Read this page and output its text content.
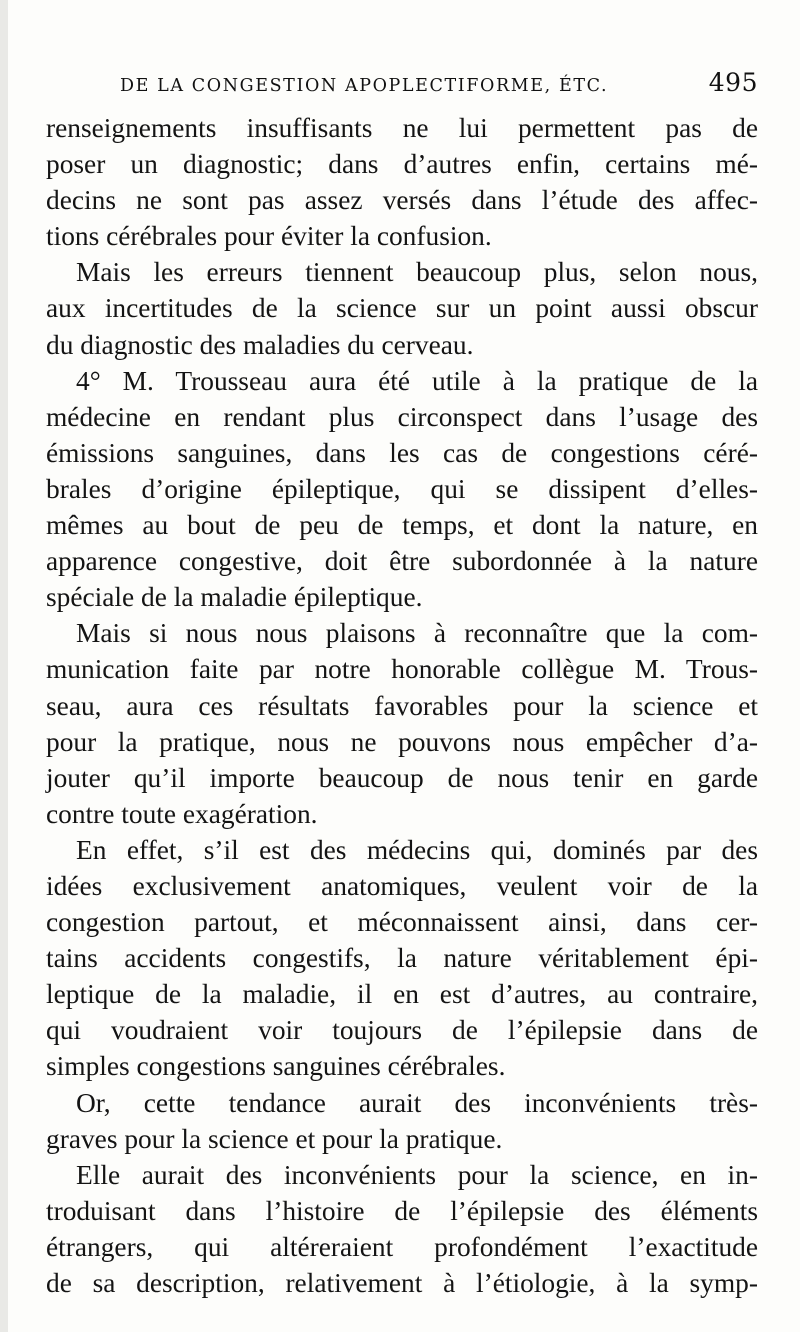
DE LA CONGESTION APOPLECTIFORME, ÉTC.	495
renseignements insuffisants ne lui permettent pas de
poser un diagnostic; dans d’autres enfin, certains mé-
decins ne sont pas assez versés dans l’étude des affec-
tions cérébrales pour éviter la confusion.
Mais les erreurs tiennent beaucoup plus, selon nous,
aux incertitudes de la science sur un point aussi obscur
du diagnostic des maladies du cerveau.
4° M. Trousseau aura été utile à la pratique de la
médecine en rendant plus circonspect dans l’usage des
émissions sanguines, dans les cas de congestions céré-
brales d’origine épileptique, qui se dissipent d’elles-
mêmes au bout de peu de temps, et dont la nature, en
apparence congestive, doit être subordonnée à la nature
spéciale de la maladie épileptique.
Mais si nous nous plaisons à reconnaître que la com-
munication faite par notre honorable collègue M. Trous-
seau, aura ces résultats favorables pour la science et
pour la pratique, nous ne pouvons nous empêcher d’a-
jouter qu’il importe beaucoup de nous tenir en garde
contre toute exagération.
En effet, s’il est des médecins qui, dominés par des
idées exclusivement anatomiques, veulent voir de la
congestion partout, et méconnaissent ainsi, dans cer-
tains accidents congestifs, la nature véritablement épi-
leptique de la maladie, il en est d’autres, au contraire,
qui voudraient voir toujours de l’épilepsie dans de
simples congestions sanguines cérébrales.
Or, cette tendance aurait des inconvénients très-
graves pour la science et pour la pratique.
Elle aurait des inconvénients pour la science, en in-
troduisant dans l’histoire de l’épilepsie des éléments
étrangers, qui altéreraient profondément l’exactitude
de sa description, relativement à l’étiologie, à la symp-
